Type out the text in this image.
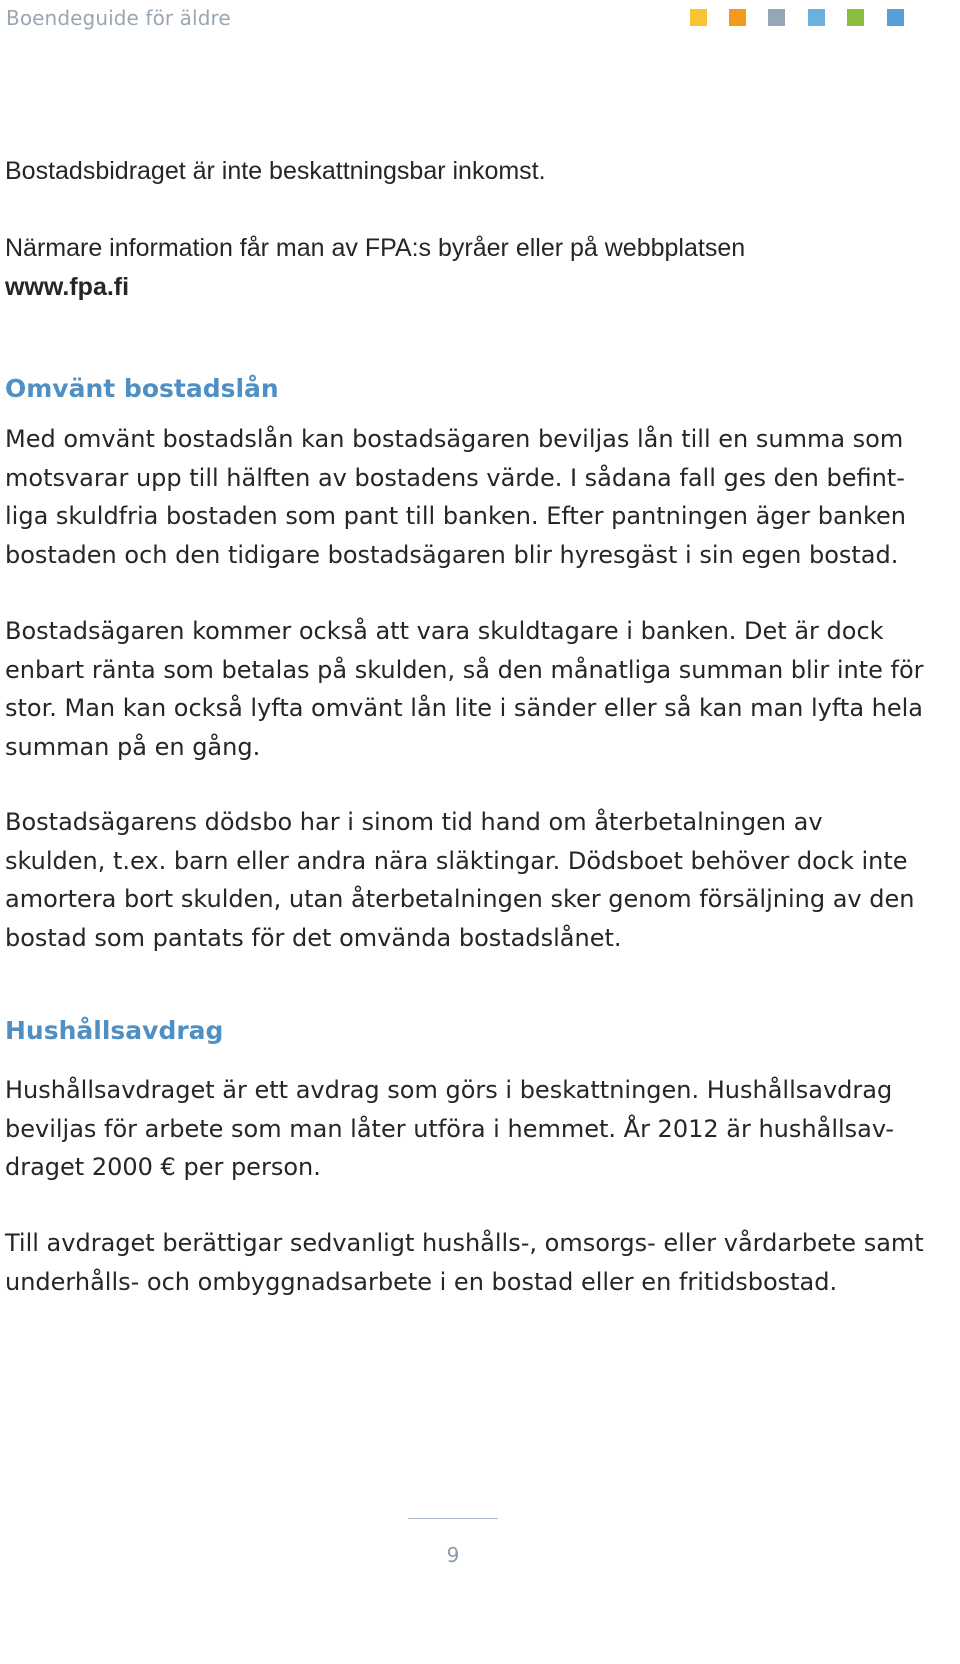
Boendeguide för äldre
Bostadsbidraget är inte beskattningsbar inkomst.
Närmare information får man av FPA:s byråer eller på webbplatsen
www.fpa.fi
Omvänt bostadslån
Med omvänt bostadslån kan bostadsägaren beviljas lån till en summa som
motsvarar upp till hälften av bostadens värde. I sådana fall ges den befint-
liga skuldfria bostaden som pant till banken. Efter pantningen äger banken
bostaden och den tidigare bostadsägaren blir hyresgäst i sin egen bostad.
Bostadsägaren kommer också att vara skuldtagare i banken. Det är dock
enbart ränta som betalas på skulden, så den månatliga summan blir inte för
stor. Man kan också lyfta omvänt lån lite i sänder eller så kan man lyfta hela
summan på en gång.
Bostadsägarens dödsbo har i sinom tid hand om återbetalningen av
skulden, t.ex. barn eller andra nära släktingar. Dödsboet behöver dock inte
amortera bort skulden, utan återbetalningen sker genom försäljning av den
bostad som pantats för det omvända bostadslånet.
Hushållsavdrag
Hushållsavdraget är ett avdrag som görs i beskattningen. Hushållsavdrag
beviljas för arbete som man låter utföra i hemmet. År 2012 är hushållsav-
draget 2000 € per person.
Till avdraget berättigar sedvanligt hushålls-, omsorgs- eller vårdarbete samt
underhålls- och ombyggnadsarbete i en bostad eller en fritidsbostad.
9
